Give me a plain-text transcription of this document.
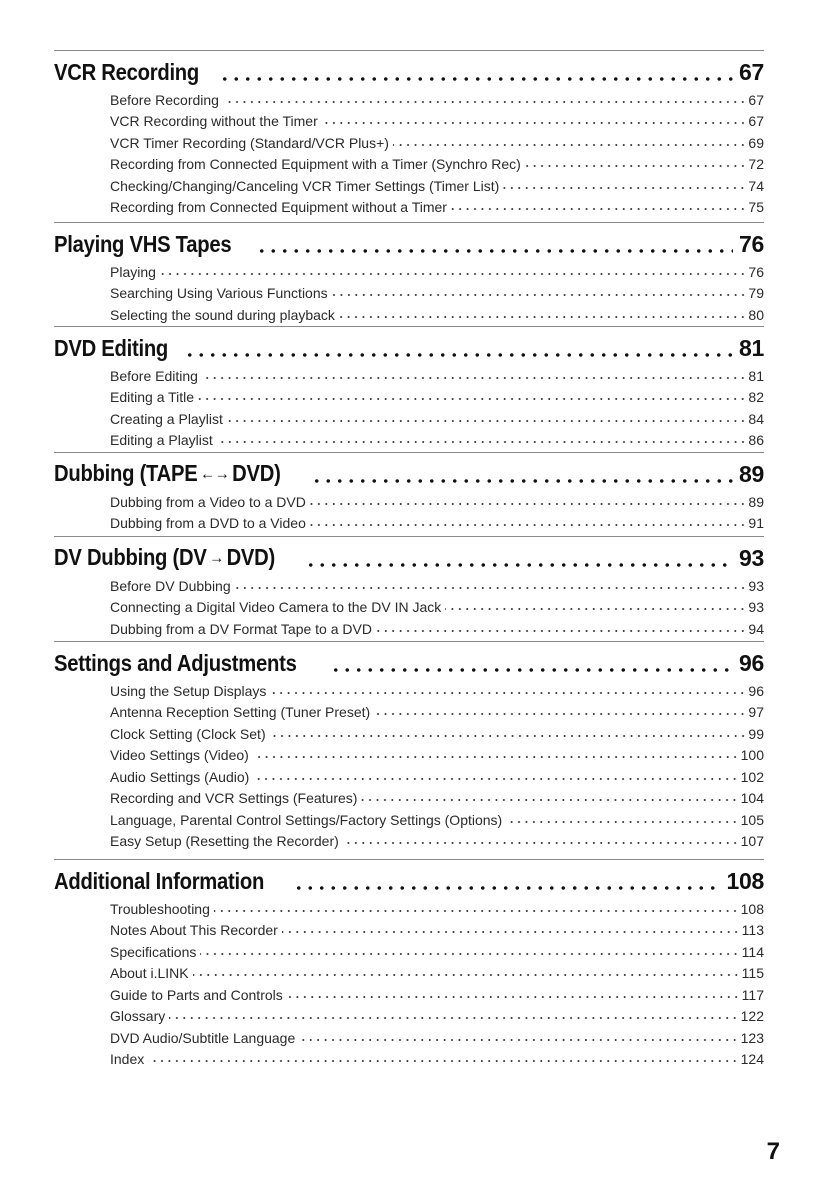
VCR Recording	67
Before Recording	67
VCR Recording without the Timer	67
VCR Timer Recording (Standard/VCR Plus+)	69
Recording from Connected Equipment with a Timer (Synchro Rec)	72
Checking/Changing/Canceling VCR Timer Settings (Timer List)	74
Recording from Connected Equipment without a Timer	75
Playing VHS Tapes	76
Playing	76
Searching Using Various Functions	79
Selecting the sound during playback	80
DVD Editing	81
Before Editing	81
Editing a Title	82
Creating a Playlist	84
Editing a Playlist	86
Dubbing (TAPE ←→ DVD)	89
Dubbing from a Video to a DVD	89
Dubbing from a DVD to a Video	91
DV Dubbing (DV → DVD)	93
Before DV Dubbing	93
Connecting a Digital Video Camera to the DV IN Jack	93
Dubbing from a DV Format Tape to a DVD	94
Settings and Adjustments	96
Using the Setup Displays	96
Antenna Reception Setting (Tuner Preset)	97
Clock Setting (Clock Set)	99
Video Settings (Video)	100
Audio Settings (Audio)	102
Recording and VCR Settings (Features)	104
Language, Parental Control Settings/Factory Settings (Options)	105
Easy Setup (Resetting the Recorder)	107
Additional Information	108
Troubleshooting	108
Notes About This Recorder	113
Specifications	114
About i.LINK	115
Guide to Parts and Controls	117
Glossary	122
DVD Audio/Subtitle Language	123
Index	124
7
